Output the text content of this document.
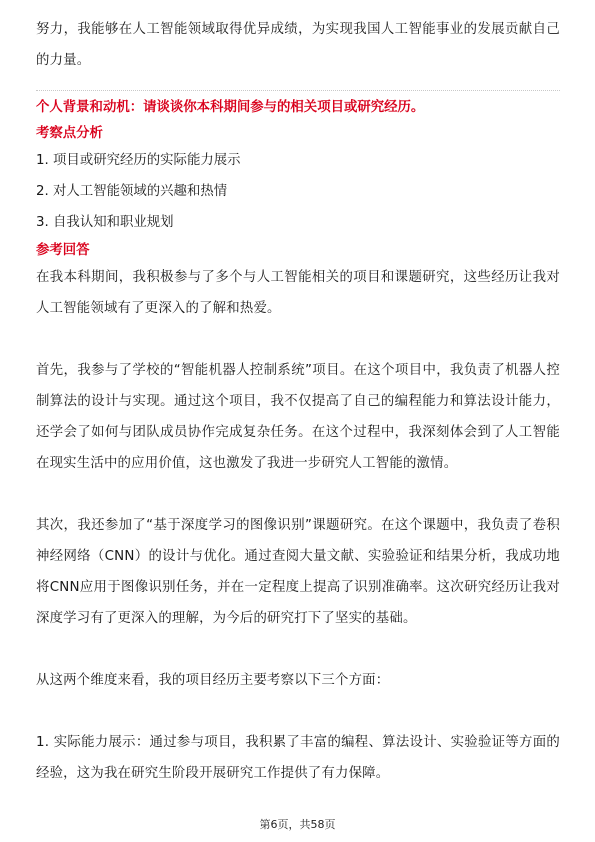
努力，我能够在人工智能领域取得优异成绩，为实现我国人工智能事业的发展贡献自己的力量。

个人背景和动机：请谈谈你本科期间参与的相关项目或研究经历。

考察点分析

1. 项目或研究经历的实际能力展示

2. 对人工智能领域的兴趣和热情

3. 自我认知和职业规划

参考回答

在我本科期间，我积极参与了多个与人工智能相关的项目和课题研究，这些经历让我对人工智能领域有了更深入的了解和热爱。

首先，我参与了学校的“智能机器人控制系统”项目。在这个项目中，我负责了机器人控制算法的设计与实现。通过这个项目，我不仅提高了自己的编程能力和算法设计能力，还学会了如何与团队成员协作完成复杂任务。在这个过程中，我深刻体会到了人工智能在现实生活中的应用价值，这也激发了我进一步研究人工智能的激情。

其次，我还参加了“基于深度学习的图像识别”课题研究。在这个课题中，我负责了卷积神经网络（CNN）的设计与优化。通过查阅大量文献、实验验证和结果分析，我成功地将CNN应用于图像识别任务，并在一定程度上提高了识别准确率。这次研究经历让我对深度学习有了更深入的理解，为今后的研究打下了坚实的基础。

从这两个维度来看，我的项目经历主要考察以下三个方面：

1. 实际能力展示：通过参与项目，我积累了丰富的编程、算法设计、实验验证等方面的经验，这为我在研究生阶段开展研究工作提供了有力保障。

第6页，共58页
